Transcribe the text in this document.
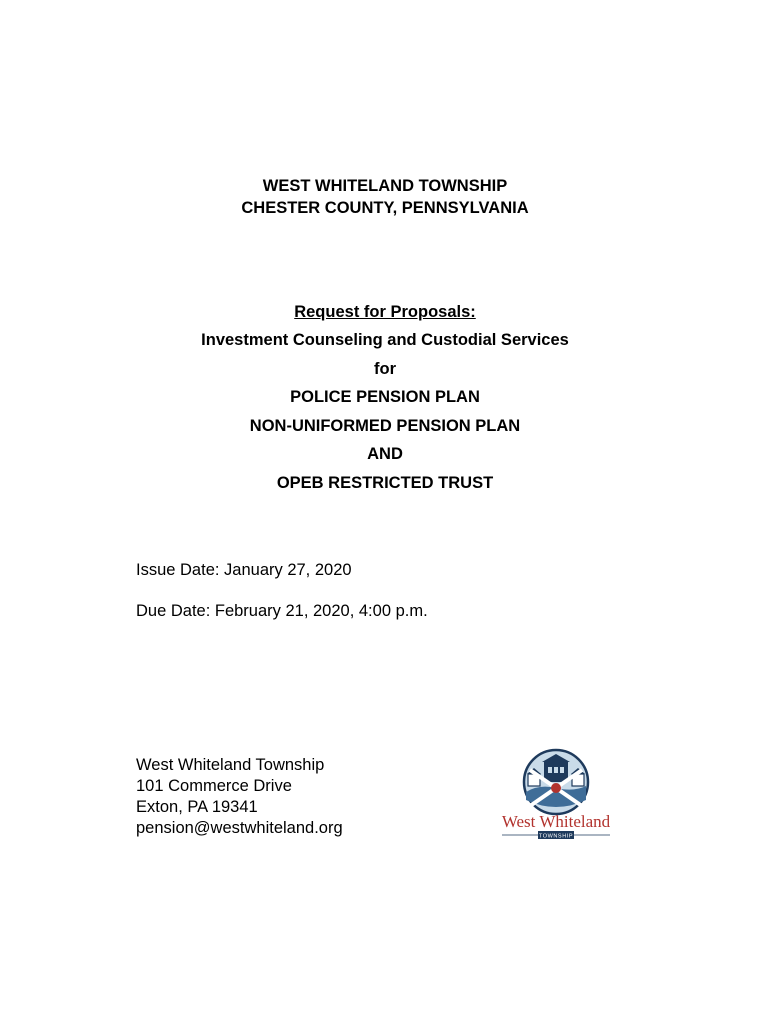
WEST WHITELAND TOWNSHIP
CHESTER COUNTY, PENNSYLVANIA
Request for Proposals:
Investment Counseling and Custodial Services
for
POLICE PENSION PLAN
NON-UNIFORMED PENSION PLAN
AND
OPEB RESTRICTED TRUST
Issue Date: January 27, 2020
Due Date: February 21, 2020, 4:00 p.m.
West Whiteland Township
101 Commerce Drive
Exton, PA 19341
pension@westwhiteland.org	West Whiteland
TOWNSHIP
